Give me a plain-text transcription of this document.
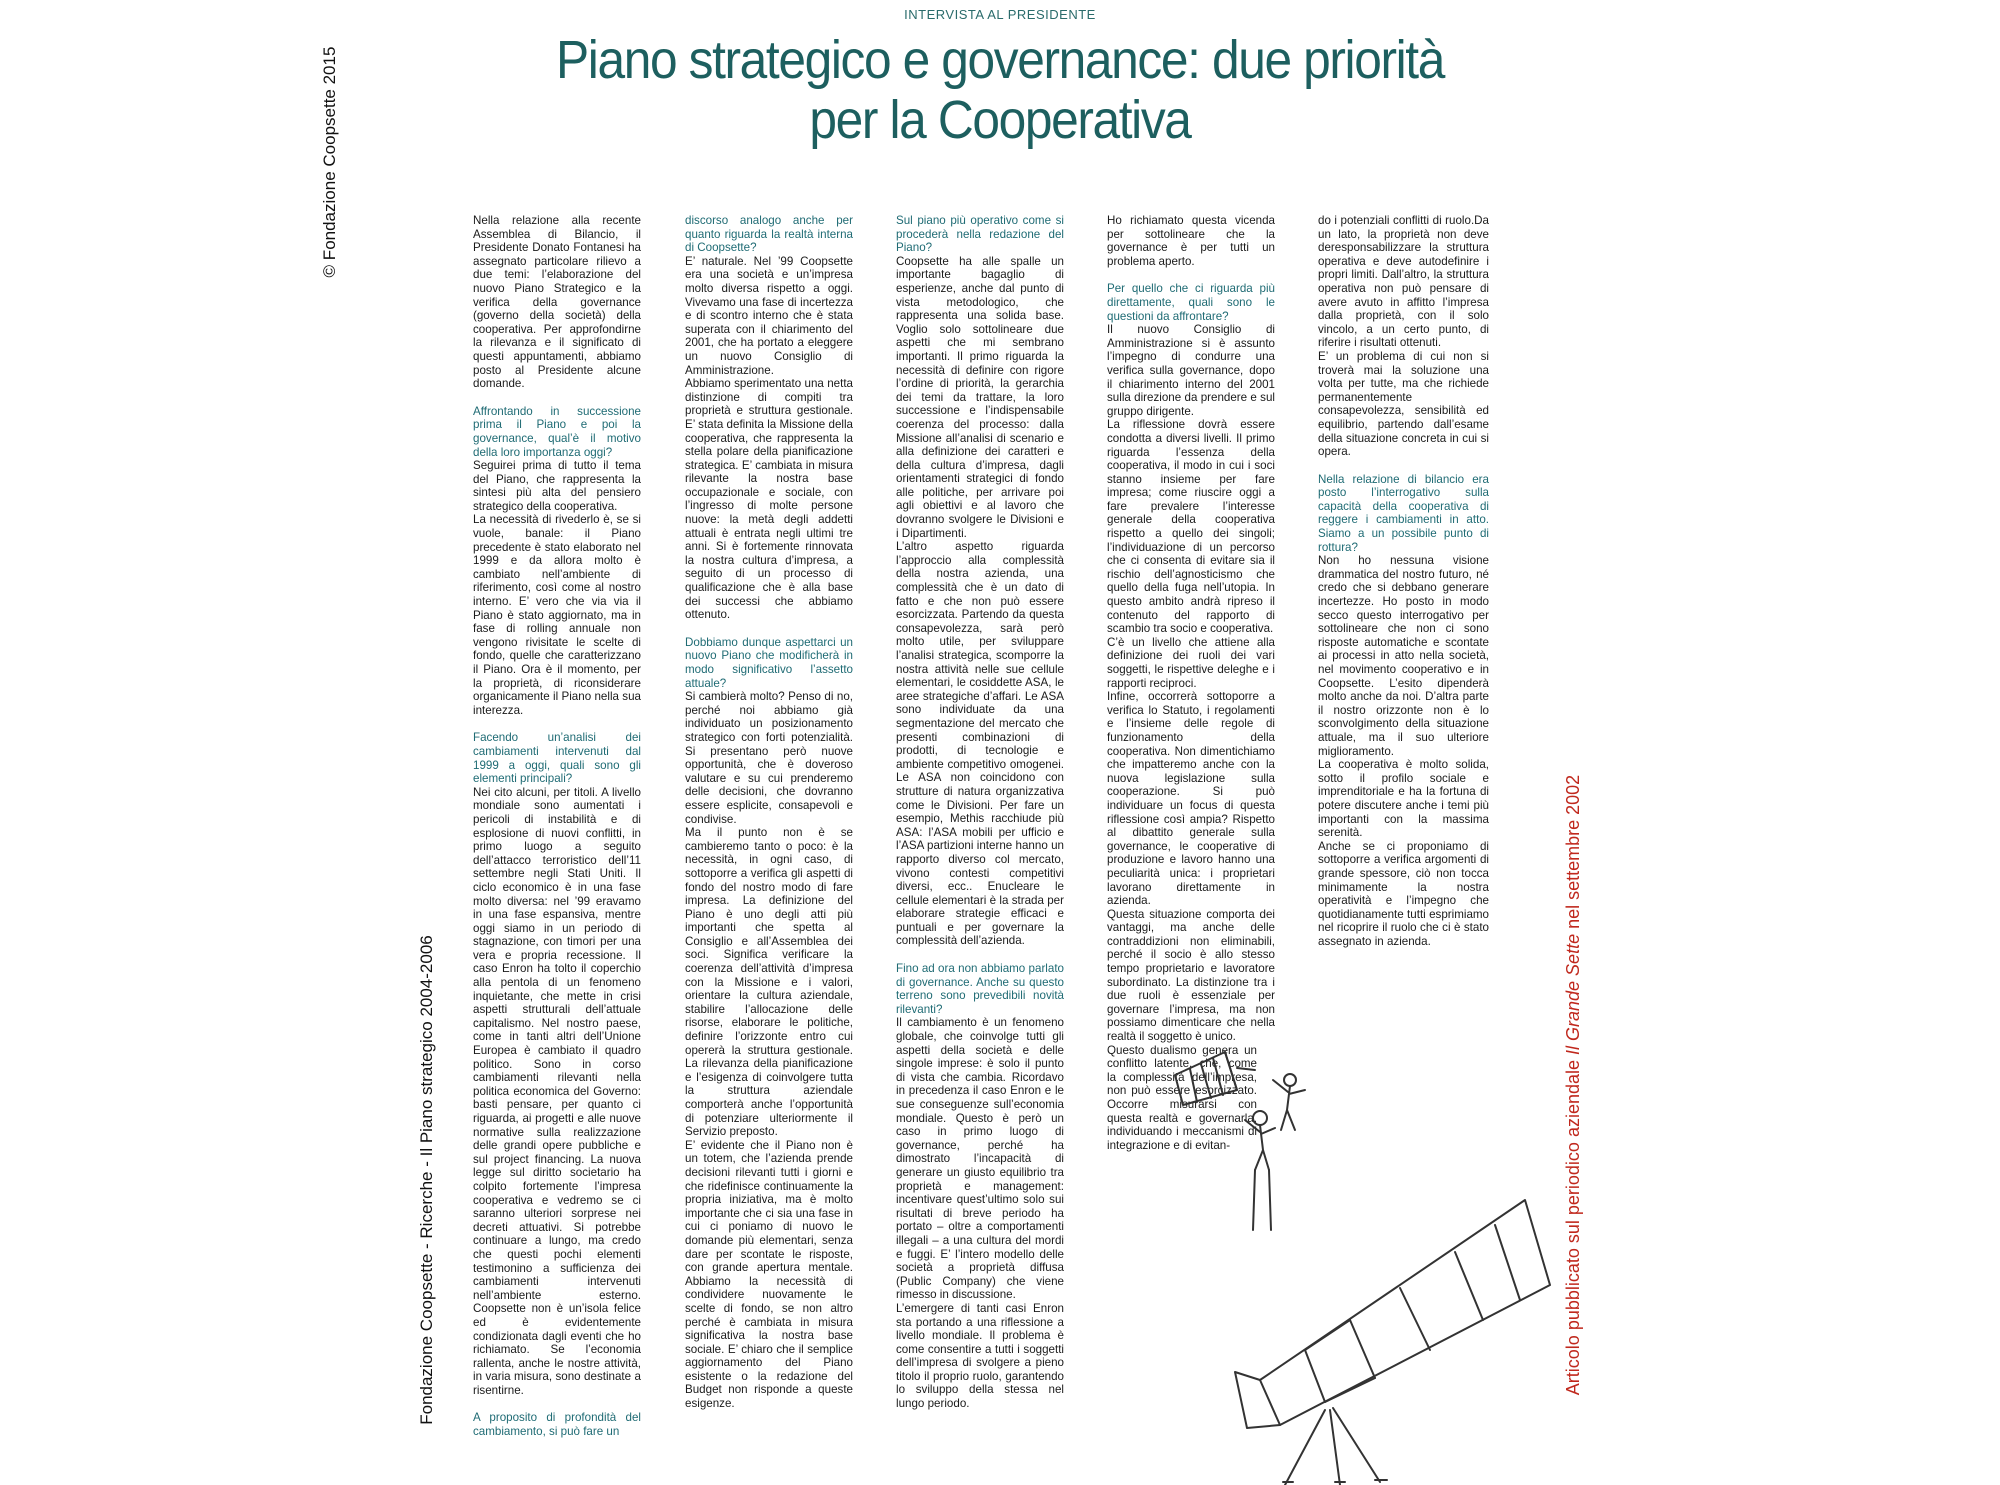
© Fondazione Coopsette 2015
Fondazione Coopsette - Ricerche - Il Piano strategico 2004-2006	Articolo pubblicato sul periodico aziendale Il Grande Sette nel settembre 2002
INTERVISTA AL PRESIDENTE
Piano strategico e governance: due priorità
per la Cooperativa

Nella relazione alla recente Assemblea di Bilancio, il Presidente Donato Fontanesi ha assegnato particolare rilievo a due temi: l’elaborazione del nuovo Piano Strategico e la verifica della governance (governo della società) della cooperativa. Per approfondirne la rilevanza e il significato di questi appuntamenti, abbiamo posto al Presidente alcune domande.

Affrontando in successione prima il Piano e poi la governance, qual’è il motivo della loro importanza oggi?

Seguirei prima di tutto il tema del Piano, che rappresenta la sintesi più alta del pensiero strategico della cooperativa.

La necessità di rivederlo è, se si vuole, banale: il Piano precedente è stato elaborato nel 1999 e da allora molto è cambiato nell’ambiente di riferimento, così come al nostro interno. E’ vero che via via il Piano è stato aggiornato, ma in fase di rolling annuale non vengono rivisitate le scelte di fondo, quelle che caratterizzano il Piano. Ora è il momento, per la proprietà, di riconsiderare organicamente il Piano nella sua interezza.

Facendo un’analisi dei cambiamenti intervenuti dal 1999 a oggi, quali sono gli elementi principali?

Nei cito alcuni, per titoli. A livello mondiale sono aumentati i pericoli di instabilità e di esplosione di nuovi conflitti, in primo luogo a seguito dell’attacco terroristico dell’11 settembre negli Stati Uniti. Il ciclo economico è in una fase molto diversa: nel ’99 eravamo in una fase espansiva, mentre oggi siamo in un periodo di stagnazione, con timori per una vera e propria recessione. Il caso Enron ha tolto il coperchio alla pentola di un fenomeno inquietante, che mette in crisi aspetti strutturali dell’attuale capitalismo. Nel nostro paese, come in tanti altri dell’Unione Europea è cambiato il quadro politico. Sono in corso cambiamenti rilevanti nella politica economica del Governo: basti pensare, per quanto ci riguarda, ai progetti e alle nuove normative sulla realizzazione delle grandi opere pubbliche e sul project financing. La nuova legge sul diritto societario ha colpito fortemente l’impresa cooperativa e vedremo se ci saranno ulteriori sorprese nei decreti attuativi. Si potrebbe continuare a lungo, ma credo che questi pochi elementi testimonino a sufficienza dei cambiamenti intervenuti nell’ambiente esterno. Coopsette non è un’isola felice ed è evidentemente condizionata dagli eventi che ho richiamato. Se l’economia rallenta, anche le nostre attività, in varia misura, sono destinate a risentirne.

A proposito di profondità del cambiamento, si può fare un

discorso analogo anche per quanto riguarda la realtà interna di Coopsette?

E’ naturale. Nel ’99 Coopsette era una società e un’impresa molto diversa rispetto a oggi. Vivevamo una fase di incertezza e di scontro interno che è stata superata con il chiarimento del 2001, che ha portato a eleggere un nuovo Consiglio di Amministrazione.

Abbiamo sperimentato una netta distinzione di compiti tra proprietà e struttura gestionale. E’ stata definita la Missione della cooperativa, che rappresenta la stella polare della pianificazione strategica. E’ cambiata in misura rilevante la nostra base occupazionale e sociale, con l’ingresso di molte persone nuove: la metà degli addetti attuali è entrata negli ultimi tre anni. Si è fortemente rinnovata la nostra cultura d’impresa, a seguito di un processo di qualificazione che è alla base dei successi che abbiamo ottenuto.

Dobbiamo dunque aspettarci un nuovo Piano che modificherà in modo significativo l’assetto attuale?

Si cambierà molto? Penso di no, perché noi abbiamo già individuato un posizionamento strategico con forti potenzialità. Si presentano però nuove opportunità, che è doveroso valutare e su cui prenderemo delle decisioni, che dovranno essere esplicite, consapevoli e condivise.

Ma il punto non è se cambieremo tanto o poco: è la necessità, in ogni caso, di sottoporre a verifica gli aspetti di fondo del nostro modo di fare impresa. La definizione del Piano è uno degli atti più importanti che spetta al Consiglio e all’Assemblea dei soci. Significa verificare la coerenza dell’attività d’impresa con la Missione e i valori, orientare la cultura aziendale, stabilire l’allocazione delle risorse, elaborare le politiche, definire l’orizzonte entro cui opererà la struttura gestionale. La rilevanza della pianificazione e l’esigenza di coinvolgere tutta la struttura aziendale comporterà anche l’opportunità di potenziare ulteriormente il Servizio preposto.

E’ evidente che il Piano non è un totem, che l’azienda prende decisioni rilevanti tutti i giorni e che ridefinisce continuamente la propria iniziativa, ma è molto importante che ci sia una fase in cui ci poniamo di nuovo le domande più elementari, senza dare per scontate le risposte, con grande apertura mentale. Abbiamo la necessità di condividere nuovamente le scelte di fondo, se non altro perché è cambiata in misura significativa la nostra base sociale. E’ chiaro che il semplice aggiornamento del Piano esistente o la redazione del Budget non risponde a queste esigenze.

Sul piano più operativo come si procederà nella redazione del Piano?

Coopsette ha alle spalle un importante bagaglio di esperienze, anche dal punto di vista metodologico, che rappresenta una solida base. Voglio solo sottolineare due aspetti che mi sembrano importanti. Il primo riguarda la necessità di definire con rigore l’ordine di priorità, la gerarchia dei temi da trattare, la loro successione e l’indispensabile coerenza del processo: dalla Missione all’analisi di scenario e alla definizione dei caratteri e della cultura d’impresa, dagli orientamenti strategici di fondo alle politiche, per arrivare poi agli obiettivi e al lavoro che dovranno svolgere le Divisioni e i Dipartimenti.

L’altro aspetto riguarda l’approccio alla complessità della nostra azienda, una complessità che è un dato di fatto e che non può essere esorcizzata. Partendo da questa consapevolezza, sarà però molto utile, per sviluppare l’analisi strategica, scomporre la nostra attività nelle sue cellule elementari, le cosiddette ASA, le aree strategiche d’affari. Le ASA sono individuate da una segmentazione del mercato che presenti combinazioni di prodotti, di tecnologie e ambiente competitivo omogenei. Le ASA non coincidono con strutture di natura organizzativa come le Divisioni. Per fare un esempio, Methis racchiude più ASA: l’ASA mobili per ufficio e l’ASA partizioni interne hanno un rapporto diverso col mercato, vivono contesti competitivi diversi, ecc.. Enucleare le cellule elementari è la strada per elaborare strategie efficaci e puntuali e per governare la complessità dell’azienda.

Fino ad ora non abbiamo parlato di governance. Anche su questo terreno sono prevedibili novità rilevanti?

Il cambiamento è un fenomeno globale, che coinvolge tutti gli aspetti della società e delle singole imprese: è solo il punto di vista che cambia. Ricordavo in precedenza il caso Enron e le sue conseguenze sull’economia mondiale. Questo è però un caso in primo luogo di governance, perché ha dimostrato l’incapacità di generare un giusto equilibrio tra proprietà e management: incentivare quest’ultimo solo sui risultati di breve periodo ha portato – oltre a comportamenti illegali – a una cultura del mordi e fuggi. E’ l’intero modello delle società a proprietà diffusa (Public Company) che viene rimesso in discussione.

L’emergere di tanti casi Enron sta portando a una riflessione a livello mondiale. Il problema è come consentire a tutti i soggetti dell’impresa di svolgere a pieno titolo il proprio ruolo, garantendo lo sviluppo della stessa nel lungo periodo.

Ho richiamato questa vicenda per sottolineare che la governance è per tutti un problema aperto.

Per quello che ci riguarda più direttamente, quali sono le questioni da affrontare?

Il nuovo Consiglio di Amministrazione si è assunto l’impegno di condurre una verifica sulla governance, dopo il chiarimento interno del 2001 sulla direzione da prendere e sul gruppo dirigente.

La riflessione dovrà essere condotta a diversi livelli. Il primo riguarda l’essenza della cooperativa, il modo in cui i soci stanno insieme per fare impresa; come riuscire oggi a fare prevalere l’interesse generale della cooperativa rispetto a quello dei singoli; l’individuazione di un percorso che ci consenta di evitare sia il rischio dell’agnosticismo che quello della fuga nell’utopia. In questo ambito andrà ripreso il contenuto del rapporto di scambio tra socio e cooperativa.

C’è un livello che attiene alla definizione dei ruoli dei vari soggetti, le rispettive deleghe e i rapporti reciproci.

Infine, occorrerà sottoporre a verifica lo Statuto, i regolamenti e l’insieme delle regole di funzionamento della cooperativa. Non dimentichiamo che impatteremo anche con la nuova legislazione sulla cooperazione. Si può individuare un focus di questa riflessione così ampia? Rispetto al dibattito generale sulla governance, le cooperative di produzione e lavoro hanno una peculiarità unica: i proprietari lavorano direttamente in azienda.

Questa situazione comporta dei vantaggi, ma anche delle contraddizioni non eliminabili, perché il socio è allo stesso tempo proprietario e lavoratore subordinato. La distinzione tra i due ruoli è essenziale per governare l’impresa, ma non possiamo dimenticare che nella realtà il soggetto è unico.

Questo dualismo genera un conflitto latente, che, come la complessità dell’impresa, non può essere esorcizzato. Occorre misurarsi con questa realtà e governarla, individuando i meccanismi di integrazione e di evitan-

do i potenziali conflitti di ruolo.Da un lato, la proprietà non deve deresponsabilizzare la struttura operativa e deve autodefinire i propri limiti. Dall’altro, la struttura operativa non può pensare di avere avuto in affitto l’impresa dalla proprietà, con il solo vincolo, a un certo punto, di riferire i risultati ottenuti.

E’ un problema di cui non si troverà mai la soluzione una volta per tutte, ma che richiede permanentemente consapevolezza, sensibilità ed equilibrio, partendo dall’esame della situazione concreta in cui si opera.

Nella relazione di bilancio era posto l’interrogativo sulla capacità della cooperativa di reggere i cambiamenti in atto. Siamo a un possibile punto di rottura?

Non ho nessuna visione drammatica del nostro futuro, né credo che si debbano generare incertezze. Ho posto in modo secco questo interrogativo per sottolineare che non ci sono risposte automatiche e scontate ai processi in atto nella società, nel movimento cooperativo e in Coopsette. L’esito dipenderà molto anche da noi. D’altra parte il nostro orizzonte non è lo sconvolgimento della situazione attuale, ma il suo ulteriore miglioramento.

La cooperativa è molto solida, sotto il profilo sociale e imprenditoriale e ha la fortuna di potere discutere anche i temi più importanti con la massima serenità.

Anche se ci proponiamo di sottoporre a verifica argomenti di grande spessore, ciò non tocca minimamente la nostra operatività e l’impegno che quotidianamente tutti esprimiamo nel ricoprire il ruolo che ci è stato assegnato in azienda.
